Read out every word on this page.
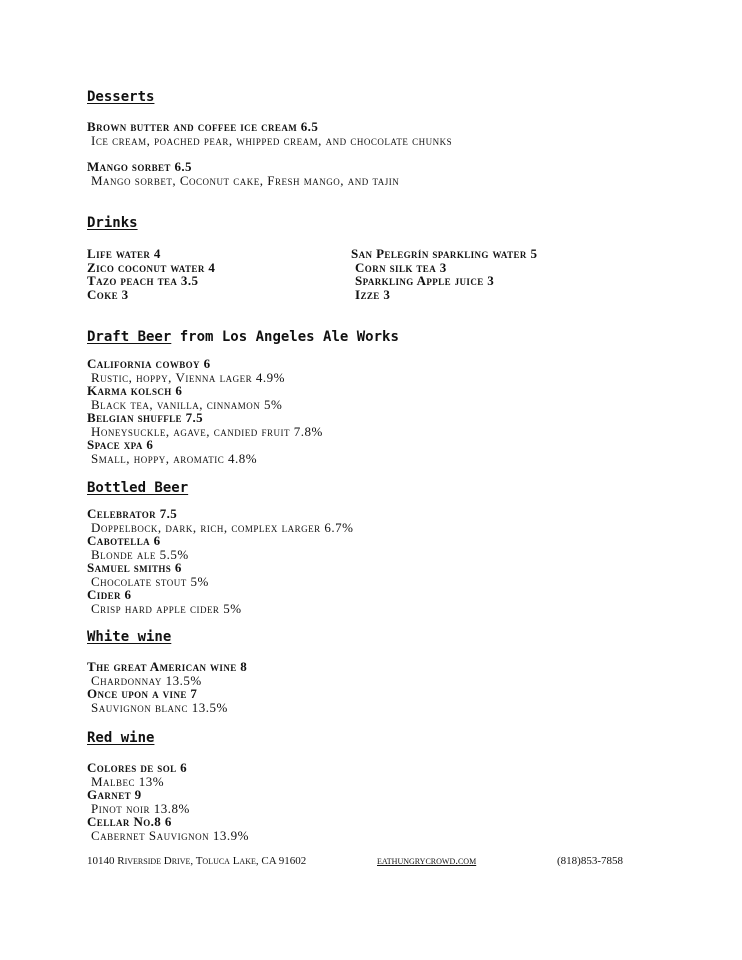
Desserts
Brown butter and coffee ice cream 6.5
Ice cream, poached pear, whipped cream, and chocolate chunks
Mango sorbet 6.5
Mango sorbet, Coconut cake, Fresh mango, and tajin
Drinks
Life water 4
Zico coconut water 4
Tazo peach tea 3.5
Coke 3
San Pelegrín sparkling water 5
Corn silk tea 3
Sparkling Apple juice 3
Izze 3
Draft Beer from Los Angeles Ale Works
California cowboy 6
Rustic, hoppy, Vienna lager 4.9%
Karma kolsch 6
Black tea, vanilla, cinnamon 5%
Belgian shuffle 7.5
Honeysuckle, agave, candied fruit 7.8%
Space xpa 6
Small, hoppy, aromatic 4.8%
Bottled Beer
Celebrator 7.5
Doppelbock, dark, rich, complex larger 6.7%
Cabotella 6
Blonde ale 5.5%
Samuel smiths 6
Chocolate stout 5%
Cider 6
Crisp hard apple cider 5%
White wine
The great American wine 8
Chardonnay 13.5%
Once upon a vine 7
Sauvignon blanc 13.5%
Red wine
Colores de sol 6
Malbec 13%
Garnet 9
Pinot noir 13.8%
Cellar No.8 6
Cabernet Sauvignon 13.9%
10140 Riverside Drive, Toluca Lake, CA 91602	eathungrycrowd.com	(818)853-7858
